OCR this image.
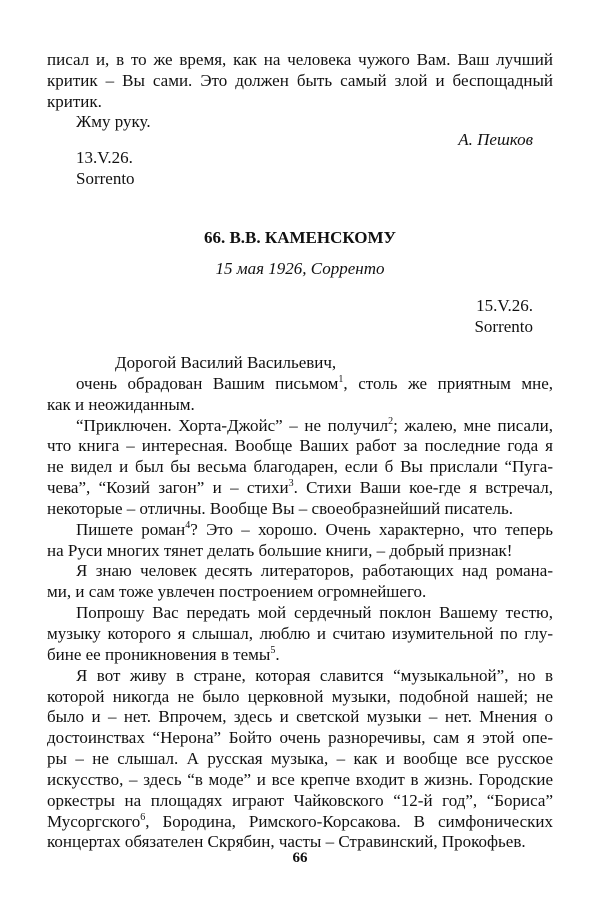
писал и, в то же время, как на человека чужого Вам. Ваш лучший
критик – Вы сами. Это должен быть самый злой и беспощадный
критик.
Жму руку.
А. Пешков
13.V.26.
Sorrento
66. В.В. КАМЕНСКОМУ
15 мая 1926, Сорренто
15.V.26.
Sorrento
Дорогой Василий Васильевич,
очень обрадован Вашим письмом$^1$, столь же приятным мне,
как и неожиданным.
“Приключен. Хорта-Джойс” – не получил$^2$; жалею, мне писали,
что книга – интересная. Вообще Ваших работ за последние года я
не видел и был бы весьма благодарен, если б Вы прислали “Пуга-
чева”, “Козий загон” и – стихи$^3$. Стихи Ваши кое-где я встречал,
некоторые – отличны. Вообще Вы – своеобразнейший писатель.
Пишете роман$^4$? Это – хорошо. Очень характерно, что теперь
на Руси многих тянет делать большие книги, – добрый признак!
Я знаю человек десять литераторов, работающих над романа-
ми, и сам тоже увлечен построением огромнейшего.
Попрошу Вас передать мой сердечный поклон Вашему тестю,
музыку которого я слышал, люблю и считаю изумительной по глу-
бине ее проникновения в темы$^5$.
Я вот живу в стране, которая славится “музыкальной”, но в
которой никогда не было церковной музыки, подобной нашей; не
было и – нет. Впрочем, здесь и светской музыки – нет. Мнения о
достоинствах “Нерона” Бойто очень разноречивы, сам я этой опе-
ры – не слышал. А русская музыка, – как и вообще все русское
искусство, – здесь “в моде” и все крепче входит в жизнь. Городские
оркестры на площадях играют Чайковского “12-й год”, “Бориса”
Мусоргского$^6$, Бородина, Римского-Корсакова. В симфонических
концертах обязателен Скрябин, часты – Стравинский, Прокофьев.
66
